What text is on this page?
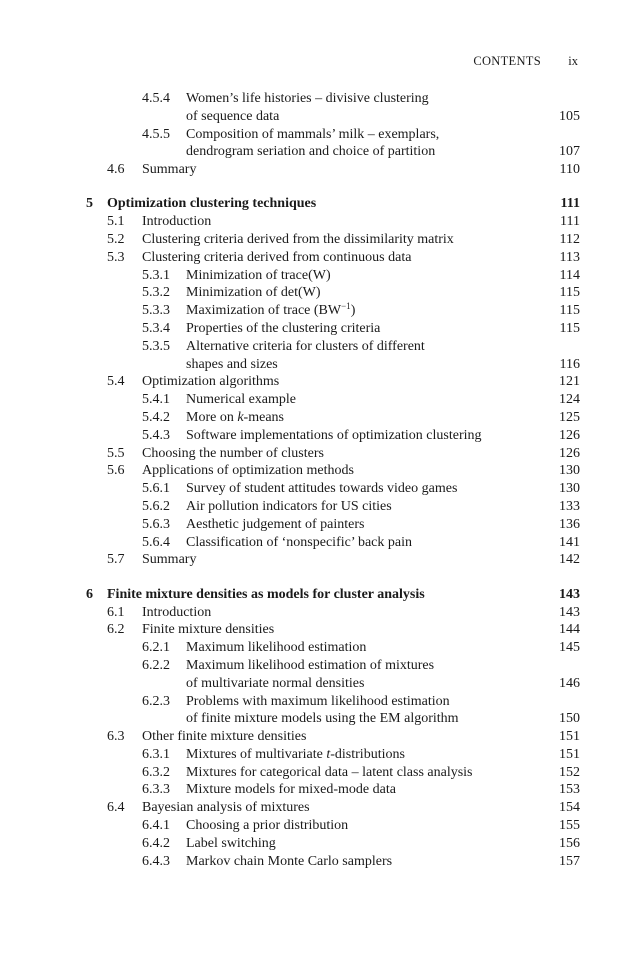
CONTENTS ix
4.5.4 Women’s life histories – divisive clustering
of sequence data	105
4.5.5 Composition of mammals’ milk – exemplars,
dendrogram seriation and choice of partition	107
4.6 Summary	110
5 Optimization clustering techniques	111
5.1 Introduction	111
5.2 Clustering criteria derived from the dissimilarity matrix	112
5.3 Clustering criteria derived from continuous data	113
5.3.1 Minimization of trace(W)	114
5.3.2 Minimization of det(W)	115
5.3.3 Maximization of trace $(BW^{-1})$	115
5.3.4 Properties of the clustering criteria	115
5.3.5 Alternative criteria for clusters of different
shapes and sizes	116
5.4 Optimization algorithms	121
5.4.1 Numerical example	124
5.4.2 More on k-means	125
5.4.3 Software implementations of optimization clustering	126
5.5 Choosing the number of clusters	126
5.6 Applications of optimization methods	130
5.6.1 Survey of student attitudes towards video games	130
5.6.2 Air pollution indicators for US cities	133
5.6.3 Aesthetic judgement of painters	136
5.6.4 Classification of ‘nonspecific’ back pain	141
5.7 Summary	142
6 Finite mixture densities as models for cluster analysis	143
6.1 Introduction	143
6.2 Finite mixture densities	144
6.2.1 Maximum likelihood estimation	145
6.2.2 Maximum likelihood estimation of mixtures
of multivariate normal densities	146
6.2.3 Problems with maximum likelihood estimation
of finite mixture models using the EM algorithm	150
6.3 Other finite mixture densities	151
6.3.1 Mixtures of multivariate t-distributions	151
6.3.2 Mixtures for categorical data – latent class analysis	152
6.3.3 Mixture models for mixed-mode data	153
6.4 Bayesian analysis of mixtures	154
6.4.1 Choosing a prior distribution	155
6.4.2 Label switching	156
6.4.3 Markov chain Monte Carlo samplers	157
